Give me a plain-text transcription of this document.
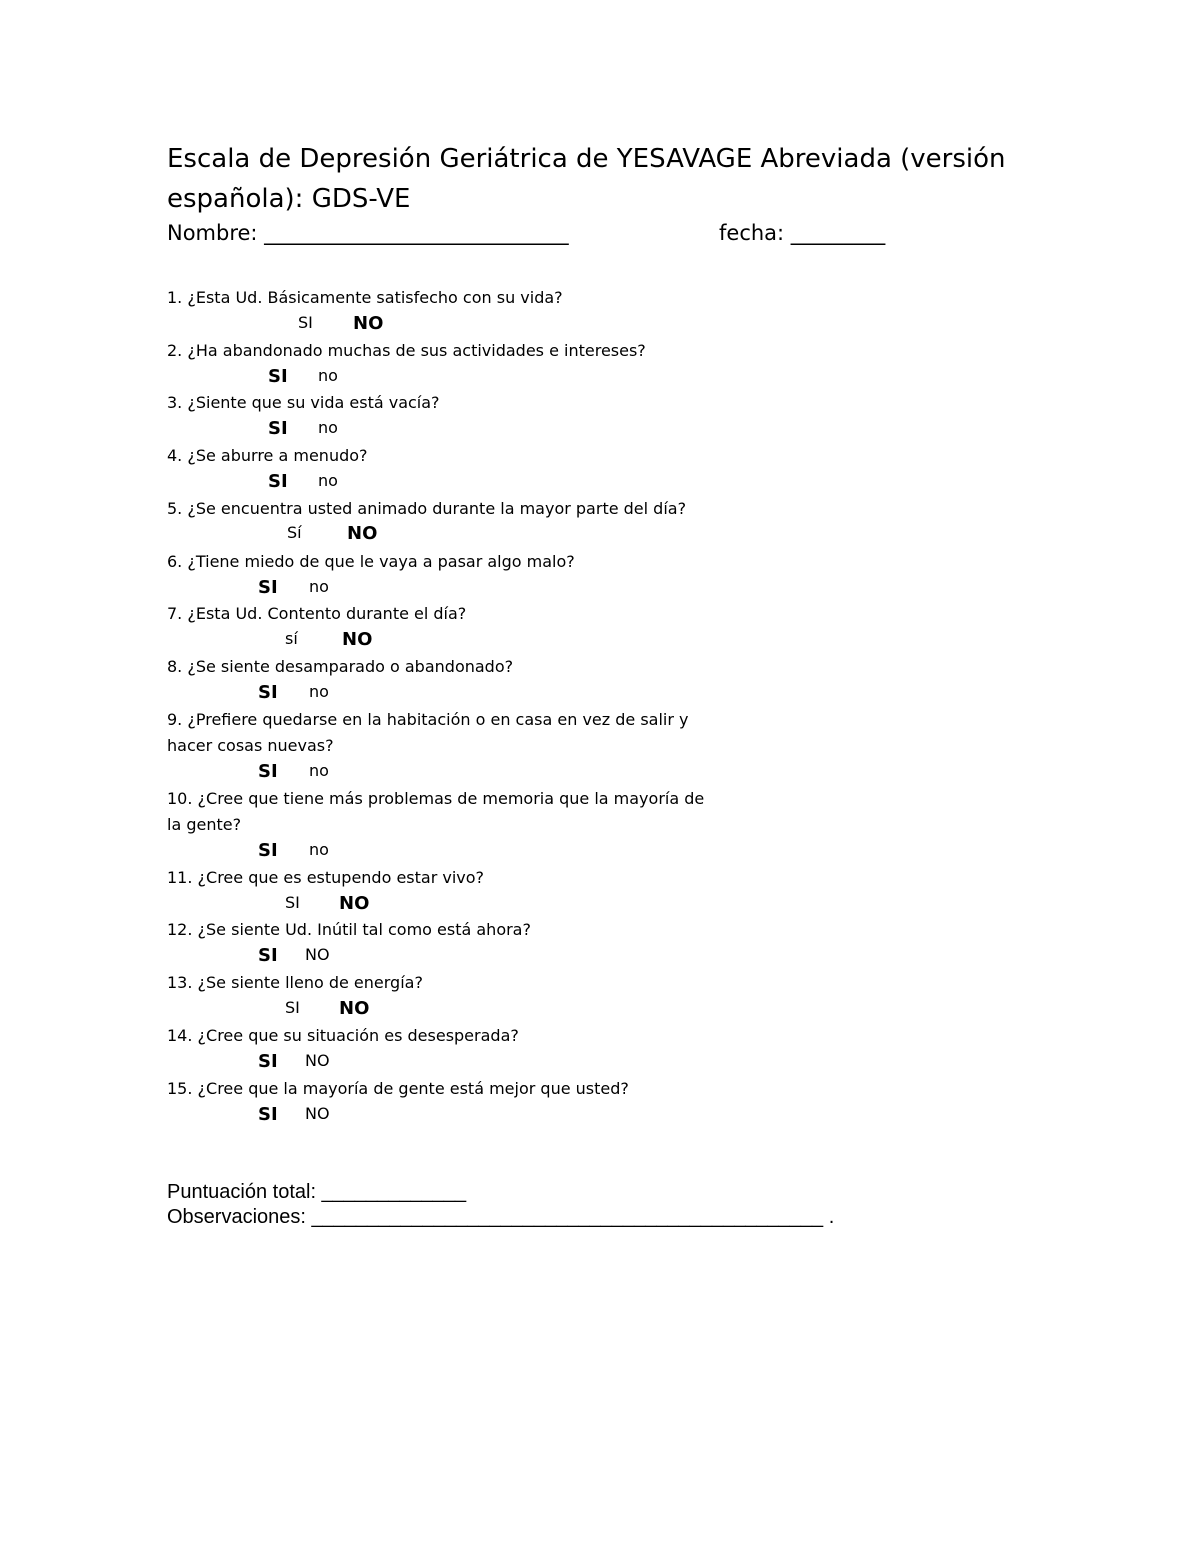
Escala de Depresión Geriátrica de YESAVAGE Abreviada (versión
española): GDS-VE
Nombre: _____________________________	fecha: _________
1. ¿Esta Ud. Básicamente satisfecho con su vida?
SI NO
2. ¿Ha abandonado muchas de sus actividades e intereses?
SI no
3. ¿Siente que su vida está vacía?
SI no
4. ¿Se aburre a menudo?
SI no
5. ¿Se encuentra usted animado durante la mayor parte del día?
Sí	NO
6. ¿Tiene miedo de que le vaya a pasar algo malo?
SI no
7. ¿Esta Ud. Contento durante el día?
sí NO
8. ¿Se siente desamparado o abandonado?
SI no
9. ¿Prefiere quedarse en la habitación o en casa en vez de salir y
hacer cosas nuevas?
SI no
10. ¿Cree que tiene más problemas de memoria que la mayoría de
la gente?
SI no
11. ¿Cree que es estupendo estar vivo?
SI NO
12. ¿Se siente Ud. Inútil tal como está ahora?
SI NO
13. ¿Se siente lleno de energía?
SI NO
14. ¿Cree que su situación es desesperada?
SI NO
15. ¿Cree que la mayoría de gente está mejor que usted?
SI NO
Puntuación total: _____________
Observaciones: ______________________________________________ .
